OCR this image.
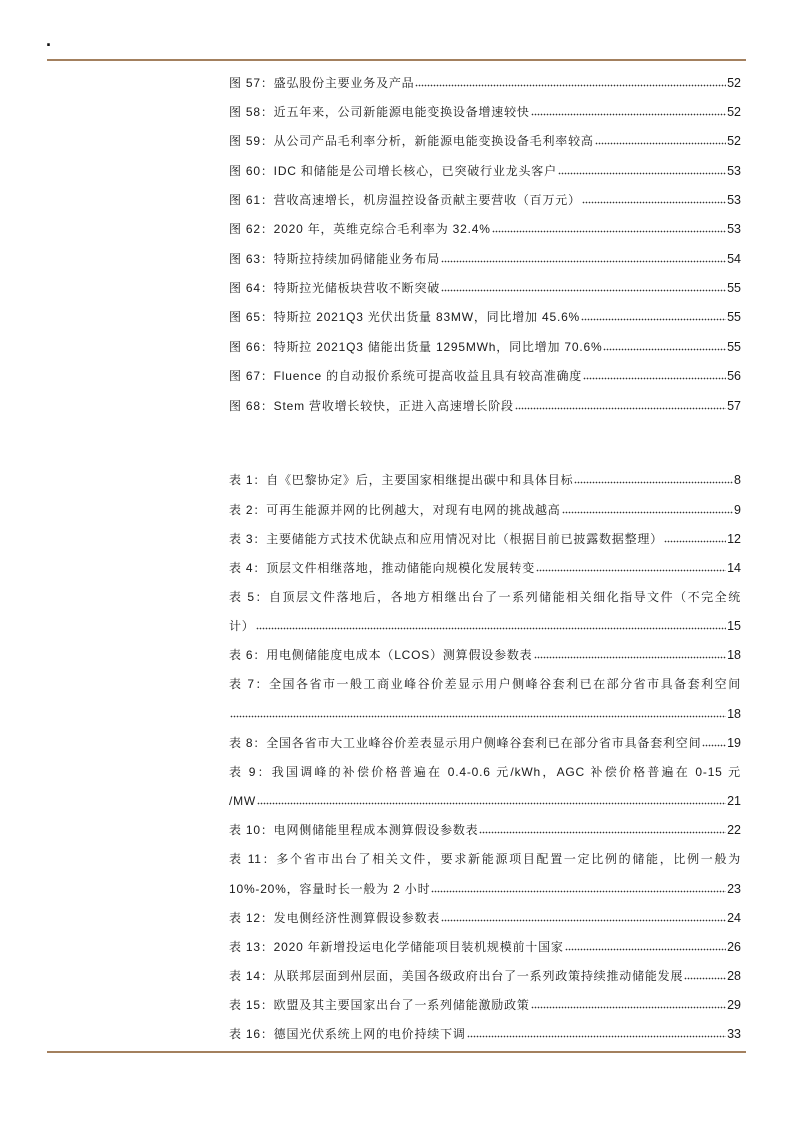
.
图 57：盛弘股份主要业务及产品	52
图 58：近五年来，公司新能源电能变换设备增速较快	52
图 59：从公司产品毛利率分析，新能源电能变换设备毛利率较高	52
图 60：IDC 和储能是公司增长核心，已突破行业龙头客户	53
图 61：营收高速增长，机房温控设备贡献主要营收（百万元）	53
图 62：2020 年，英维克综合毛利率为 32.4%	53
图 63：特斯拉持续加码储能业务布局	54
图 64：特斯拉光储板块营收不断突破	55
图 65：特斯拉 2021Q3 光伏出货量 83MW，同比增加 45.6%	55
图 66：特斯拉 2021Q3 储能出货量 1295MWh，同比增加 70.6%	55
图 67：Fluence 的自动报价系统可提高收益且具有较高准确度	56
图 68：Stem 营收增长较快，正进入高速增长阶段	57
表 1：自《巴黎协定》后，主要国家相继提出碳中和具体目标	8
表 2：可再生能源并网的比例越大，对现有电网的挑战越高	9
表 3：主要储能方式技术优缺点和应用情况对比（根据目前已披露数据整理）	12
表 4：顶层文件相继落地，推动储能向规模化发展转变	14
表 5：自顶层文件落地后，各地方相继出台了一系列储能相关细化指导文件（不完全统
计）	15
表 6：用电侧储能度电成本（LCOS）测算假设参数表	18
表 7：全国各省市一般工商业峰谷价差显示用户侧峰谷套利已在部分省市具备套利空间
18
表 8：全国各省市大工业峰谷价差表显示用户侧峰谷套利已在部分省市具备套利空间 19
表 9：我国调峰的补偿价格普遍在 0.4-0.6 元/kWh，AGC 补偿价格普遍在 0-15 元
/MW	21
表 10：电网侧储能里程成本测算假设参数表	22
表 11：多个省市出台了相关文件，要求新能源项目配置一定比例的储能，比例一般为
10%-20%，容量时长一般为 2 小时	23
表 12：发电侧经济性测算假设参数表	24
表 13：2020 年新增投运电化学储能项目装机规模前十国家	26
表 14：从联邦层面到州层面，美国各级政府出台了一系列政策持续推动储能发展	28
表 15：欧盟及其主要国家出台了一系列储能激励政策	29
表 16：德国光伏系统上网的电价持续下调	33
